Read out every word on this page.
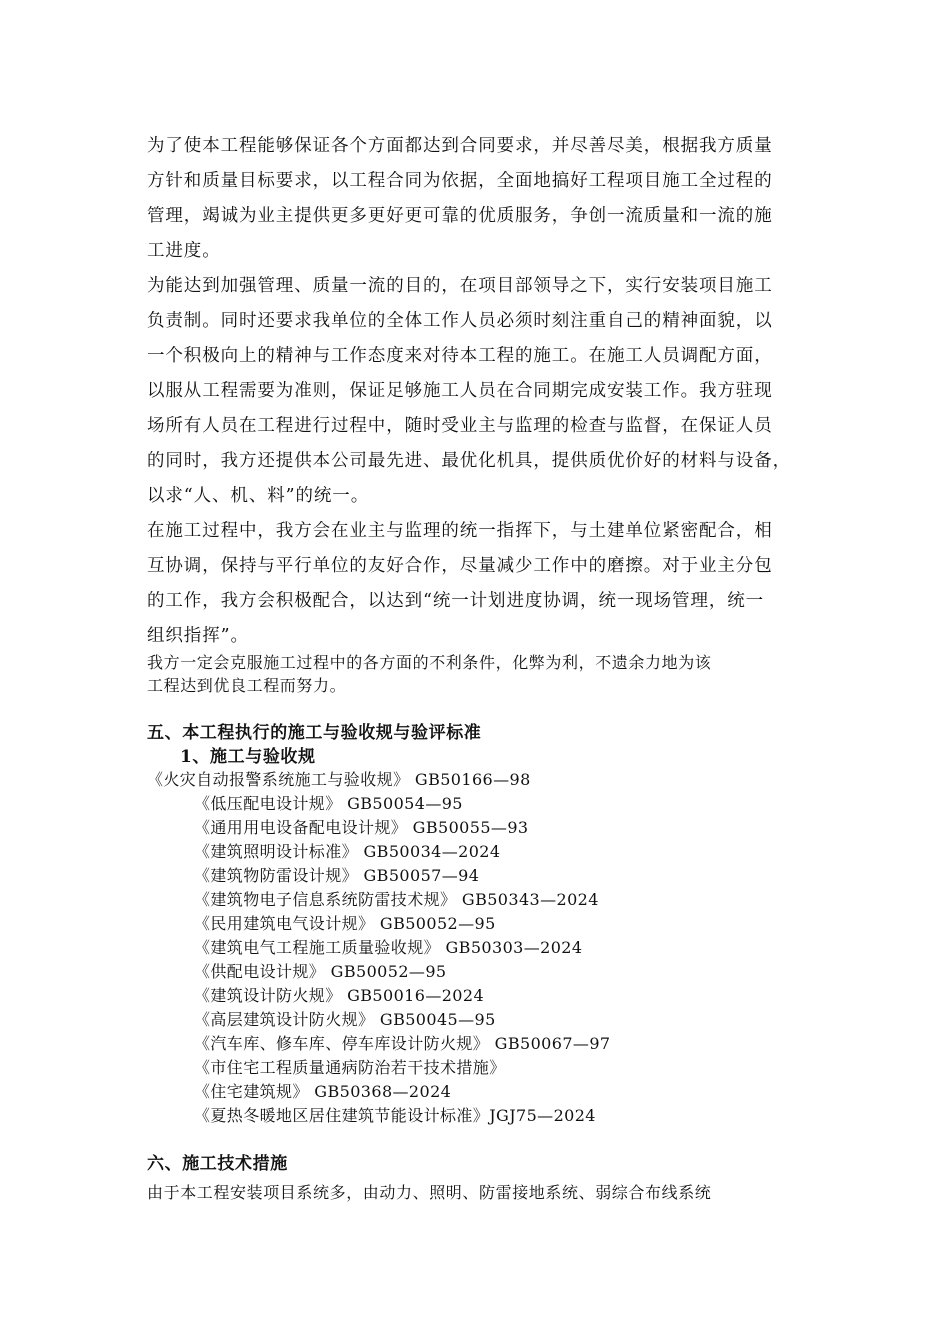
为了使本工程能够保证各个方面都达到合同要求，并尽善尽美，根据我方质量
方针和质量目标要求，以工程合同为依据，全面地搞好工程项目施工全过程的
管理，竭诚为业主提供更多更好更可靠的优质服务，争创一流质量和一流的施
工进度。
为能达到加强管理、质量一流的目的，在项目部领导之下，实行安装项目施工
负责制。同时还要求我单位的全体工作人员必须时刻注重自己的精神面貌，以
一个积极向上的精神与工作态度来对待本工程的施工。在施工人员调配方面，
以服从工程需要为准则，保证足够施工人员在合同期完成安装工作。我方驻现
场所有人员在工程进行过程中，随时受业主与监理的检查与监督，在保证人员
的同时，我方还提供本公司最先进、最优化机具，提供质优价好的材料与设备，
以求“人、机、料”的统一。
在施工过程中，我方会在业主与监理的统一指挥下，与土建单位紧密配合，相
互协调，保持与平行单位的友好合作，尽量减少工作中的磨擦。对于业主分包
的工作，我方会积极配合，以达到“统一计划进度协调，统一现场管理，统一
组织指挥”。
我方一定会克服施工过程中的各方面的不利条件，化弊为利，不遗余力地为该
工程达到优良工程而努力。
五、本工程执行的施工与验收规与验评标准
1、施工与验收规
《火灾自动报警系统施工与验收规》 GB50166—98
《低压配电设计规》 GB50054—95
《通用用电设备配电设计规》 GB50055—93
《建筑照明设计标准》 GB50034—2024
《建筑物防雷设计规》 GB50057—94
《建筑物电子信息系统防雷技术规》 GB50343—2024
《民用建筑电气设计规》 GB50052—95
《建筑电气工程施工质量验收规》 GB50303—2024
《供配电设计规》 GB50052—95
《建筑设计防火规》 GB50016—2024
《高层建筑设计防火规》 GB50045—95
《汽车库、修车库、停车库设计防火规》 GB50067—97
《市住宅工程质量通病防治若干技术措施》
《住宅建筑规》 GB50368—2024
《夏热冬暖地区居住建筑节能设计标准》JGJ75—2024
六、施工技术措施
由于本工程安装项目系统多，由动力、照明、防雷接地系统、弱综合布线系统
